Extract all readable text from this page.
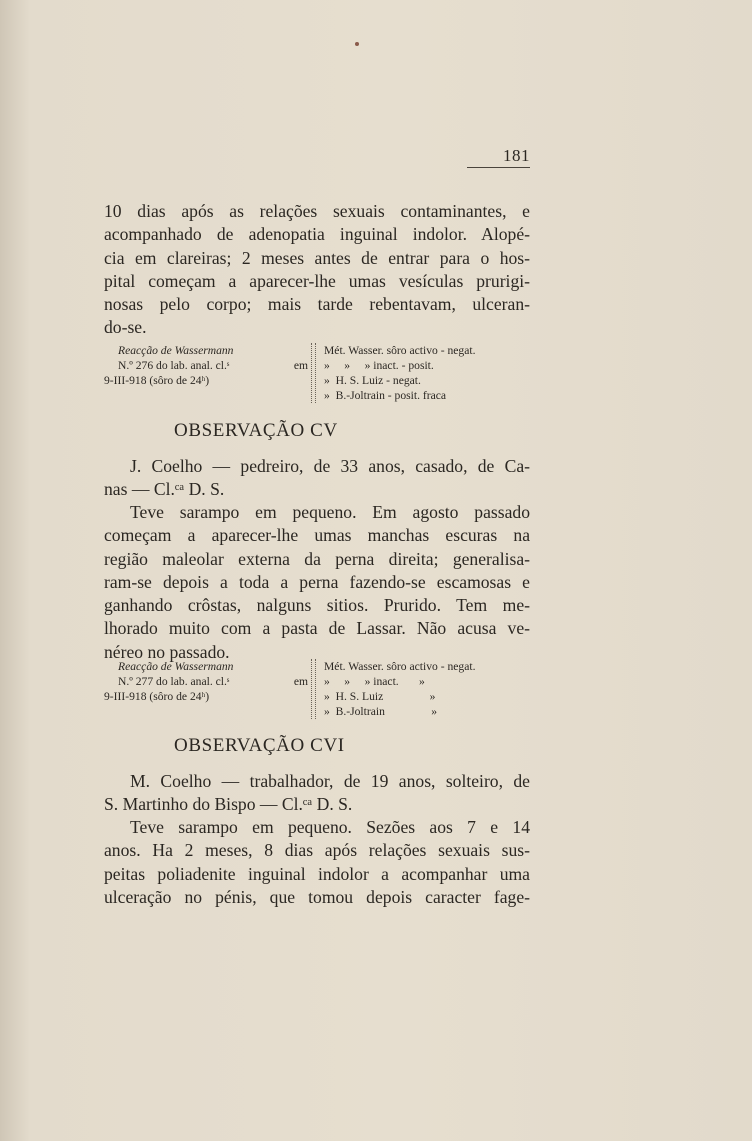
181
10 dias após as relações sexuais contaminantes, e
acompanhado de adenopatia inguinal indolor. Alopé-
cia em clareiras; 2 meses antes de entrar para o hos-
pital começam a aparecer-lhe umas vesículas prurigi-
nosas pelo corpo; mais tarde rebentavam, ulceran-
do-se.
Reacção de Wassermann
N.º 276 do lab. anal. cl.ˢ	em
9-III-918 (sôro de 24ʰ)
Mét. Wasser. sôro activo - negat.
»     »     » inact. - posit.
»  H. S. Luiz - negat.
»  B.-Joltrain - posit. fraca
OBSERVAÇÃO CV
J. Coelho — pedreiro, de 33 anos, casado, de Ca-
nas — Cl.ᶜᵃ D. S.
Teve sarampo em pequeno. Em agosto passado
começam a aparecer-lhe umas manchas escuras na
região maleolar externa da perna direita; generalisa-
ram-se depois a toda a perna fazendo-se escamosas e
ganhando crôstas, nalguns sitios. Prurido. Tem me-
lhorado muito com a pasta de Lassar. Não acusa ve-
néreo no passado.
Reacção de Wassermann
N.º 277 do lab. anal. cl.ˢ	em
9-III-918 (sôro de 24ʰ)
Mét. Wasser. sôro activo - negat.
»     »     » inact.       »
»  H. S. Luiz                »
»  B.-Joltrain                »
OBSERVAÇÃO CVI
M. Coelho — trabalhador, de 19 anos, solteiro, de
S. Martinho do Bispo — Cl.ᶜᵃ D. S.
Teve sarampo em pequeno. Sezões aos 7 e 14
anos. Ha 2 meses, 8 dias após relações sexuais sus-
peitas poliadenite inguinal indolor a acompanhar uma
ulceração no pénis, que tomou depois caracter fage-
